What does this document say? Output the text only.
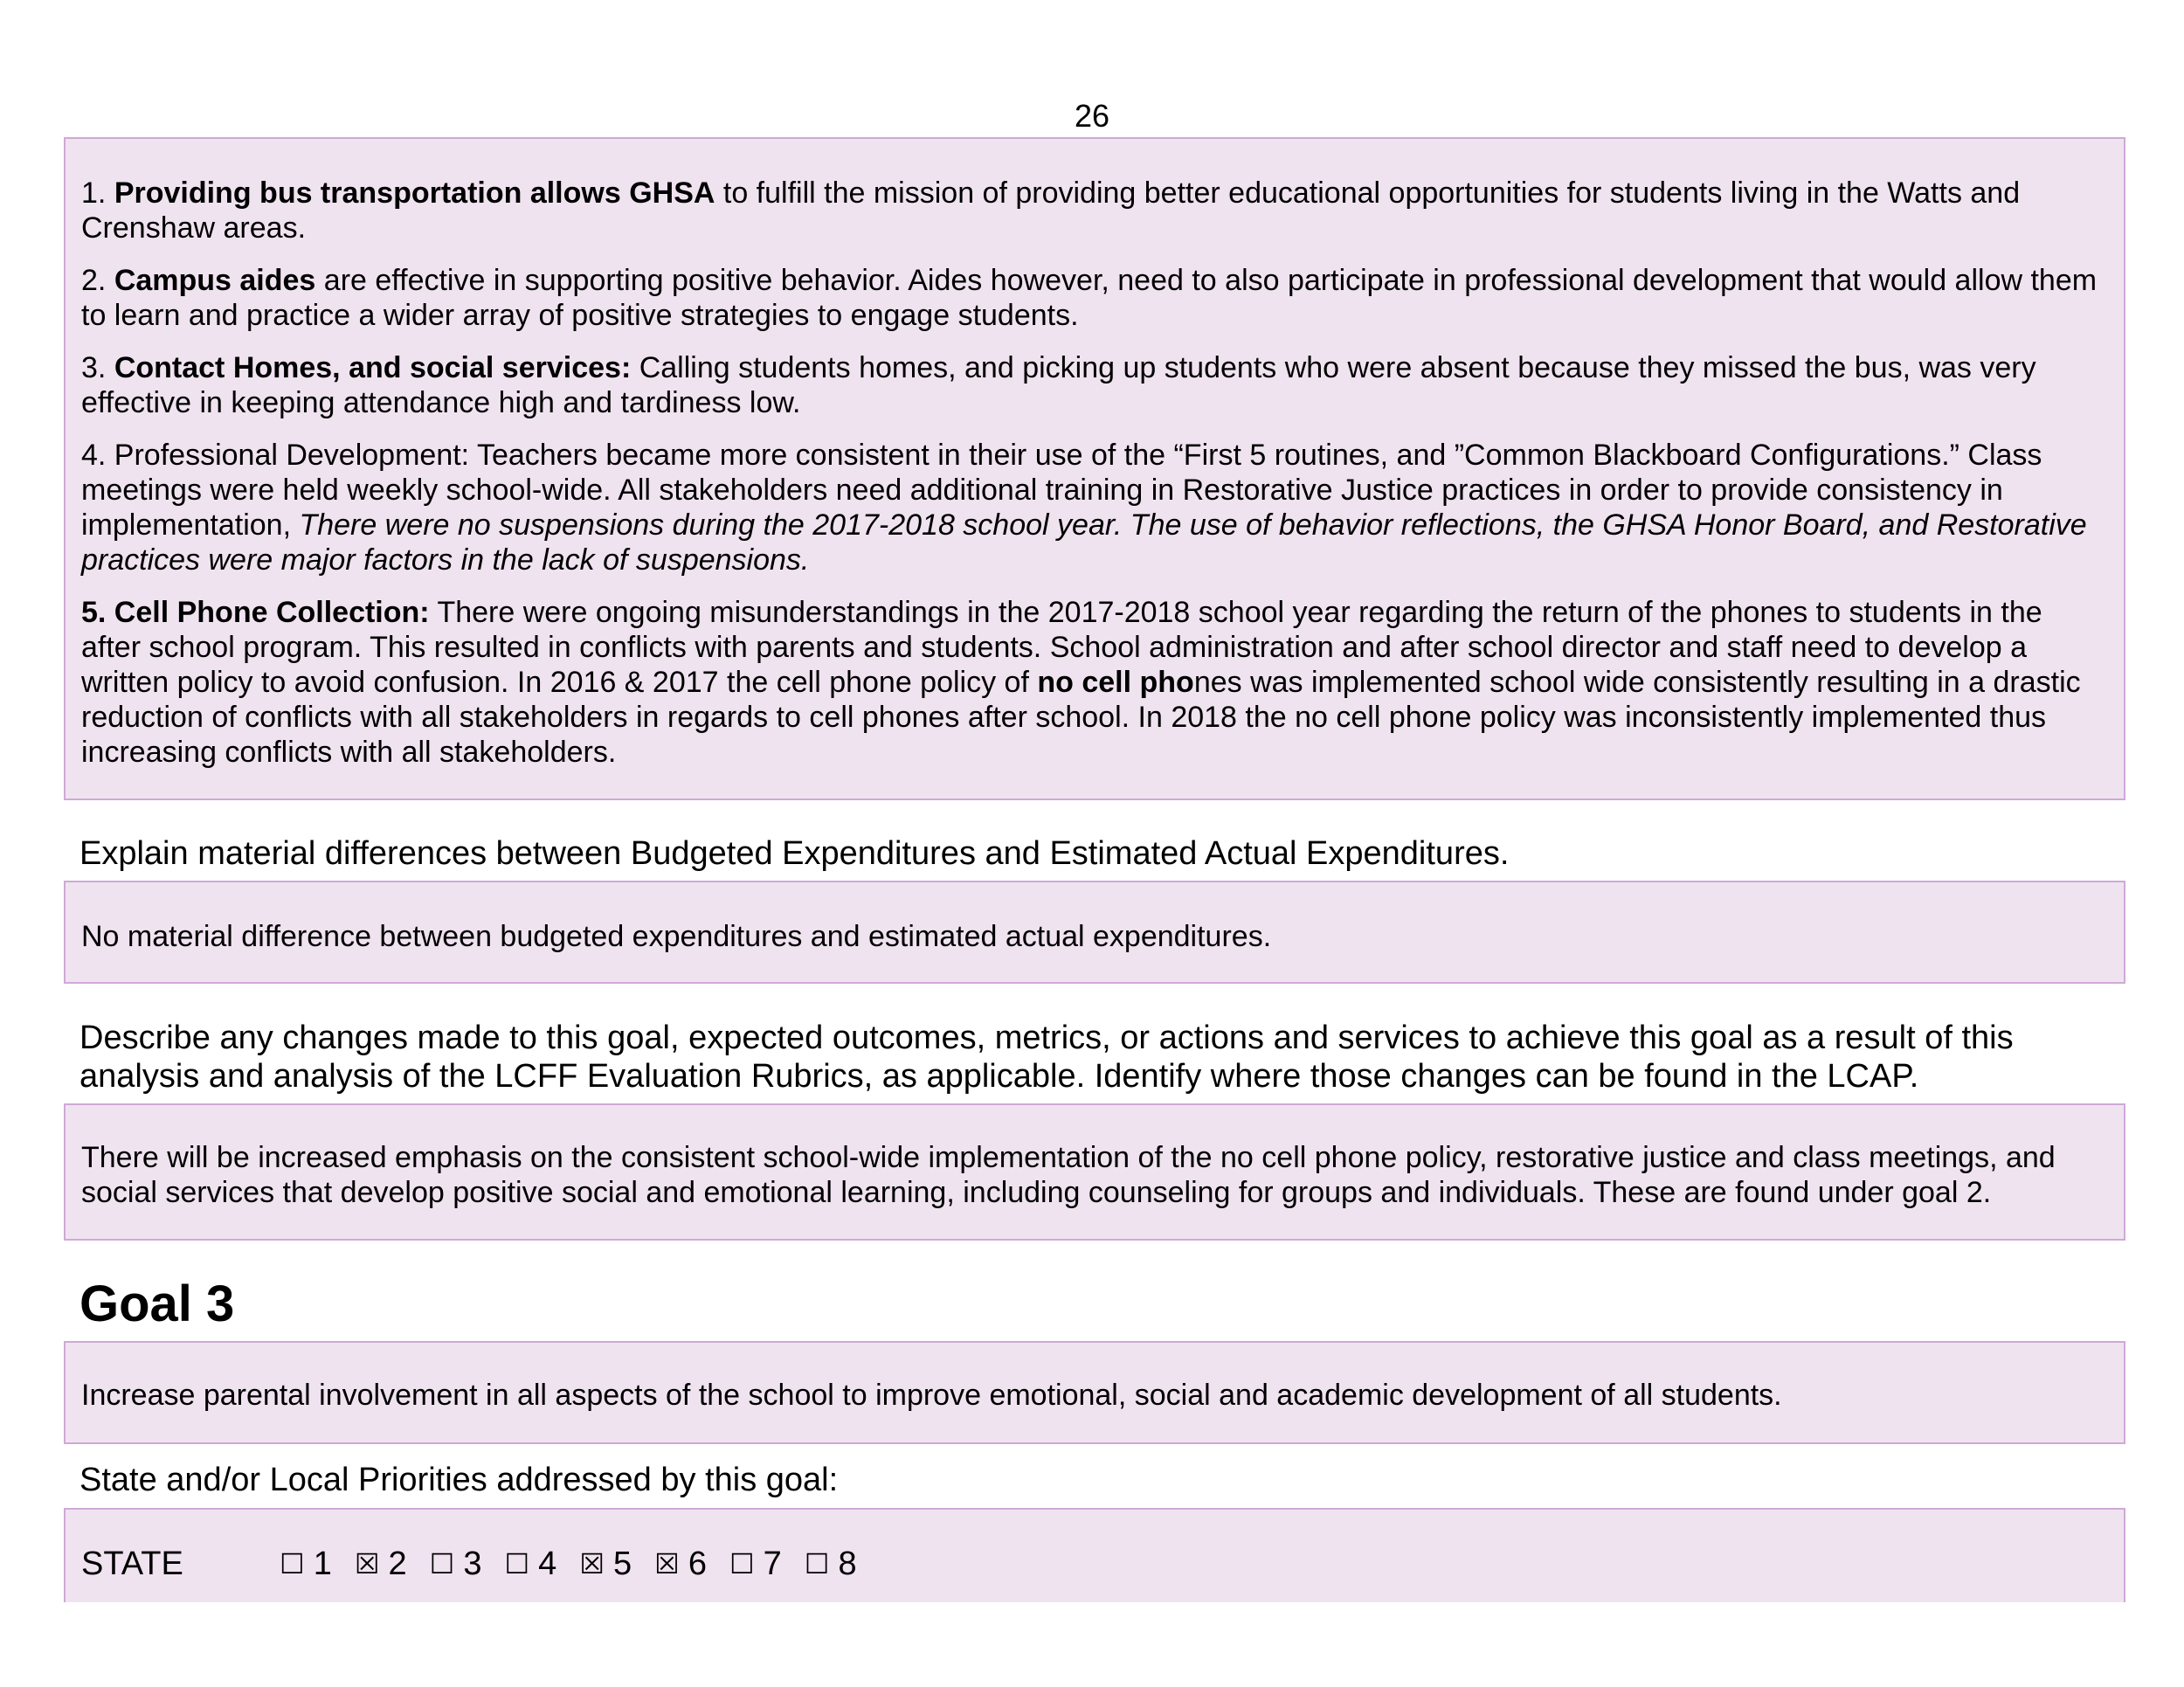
26

1. Providing bus transportation allows GHSA to fulfill the mission of providing better educational opportunities for students living in the Watts and Crenshaw areas.

2. Campus aides are effective in supporting positive behavior. Aides however, need to also participate in professional development that would allow them to learn and practice a wider array of positive strategies to engage students.

3. Contact Homes, and social services: Calling students homes, and picking up students who were absent because they missed the bus, was very effective in keeping attendance high and tardiness low.

4. Professional Development: Teachers became more consistent in their use of the “First 5 routines, and ”Common Blackboard Configurations.” Class meetings were held weekly school-wide. All stakeholders need additional training in Restorative Justice practices in order to provide consistency in implementation, There were no suspensions during the 2017-2018 school year. The use of behavior reflections, the GHSA Honor Board, and Restorative practices were major factors in the lack of suspensions.

5. Cell Phone Collection: There were ongoing misunderstandings in the 2017-2018 school year regarding the return of the phones to students in the after school program. This resulted in conflicts with parents and students. School administration and after school director and staff need to develop a written policy to avoid confusion. In 2016 & 2017 the cell phone policy of no cell phones was implemented school wide consistently resulting in a drastic reduction of conflicts with all stakeholders in regards to cell phones after school. In 2018 the no cell phone policy was inconsistently implemented thus increasing conflicts with all stakeholders.

Explain material differences between Budgeted Expenditures and Estimated Actual Expenditures.

No material difference between budgeted expenditures and estimated actual expenditures.

Describe any changes made to this goal, expected outcomes, metrics, or actions and services to achieve this goal as a result of this analysis and analysis of the LCFF Evaluation Rubrics, as applicable. Identify where those changes can be found in the LCAP.

There will be increased emphasis on the consistent school-wide implementation of the no cell phone policy, restorative justice and class meetings, and social services that develop positive social and emotional learning, including counseling for groups and individuals. These are found under goal 2.

Goal 3

Increase parental involvement in all aspects of the school to improve emotional, social and academic development of all students.

State and/or Local Priorities addressed by this goal:
STATE	☐ 1 ☒ 2 ☐ 3 ☐ 4 ☒ 5 ☒ 6 ☐ 7 ☐ 8
